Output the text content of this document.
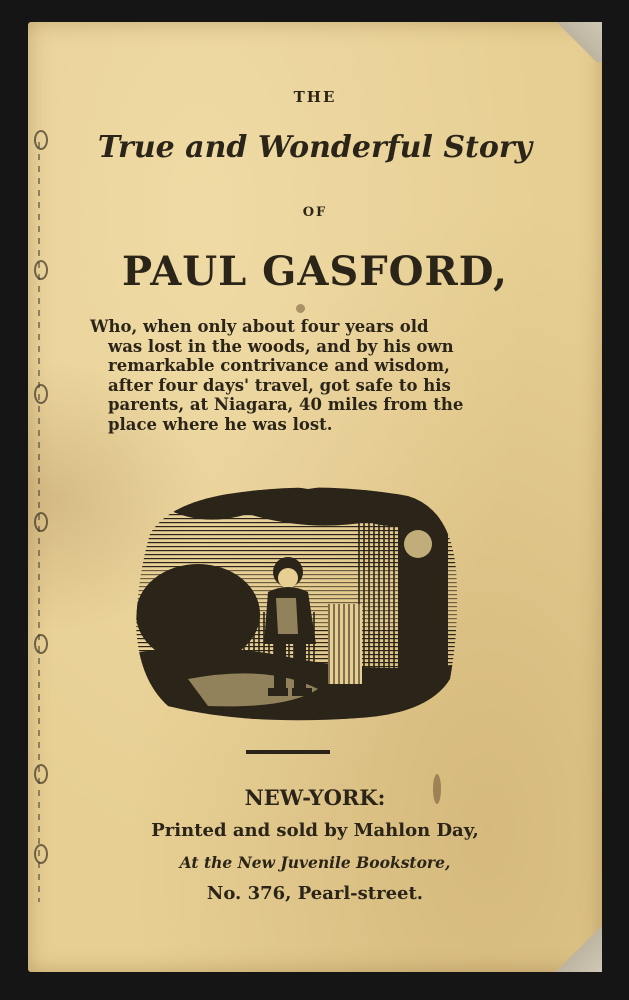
THE
True and Wonderful Story
OF
PAUL GASFORD,
Who, when only about four years old
was lost in the woods, and by his own
remarkable contrivance and wisdom,
after four days' travel, got safe to his
parents, at Niagara, 40 miles from the
place where he was lost.
NEW-YORK:
Printed and sold by Mahlon Day,
At the New Juvenile Bookstore,
No. 376, Pearl-street.
